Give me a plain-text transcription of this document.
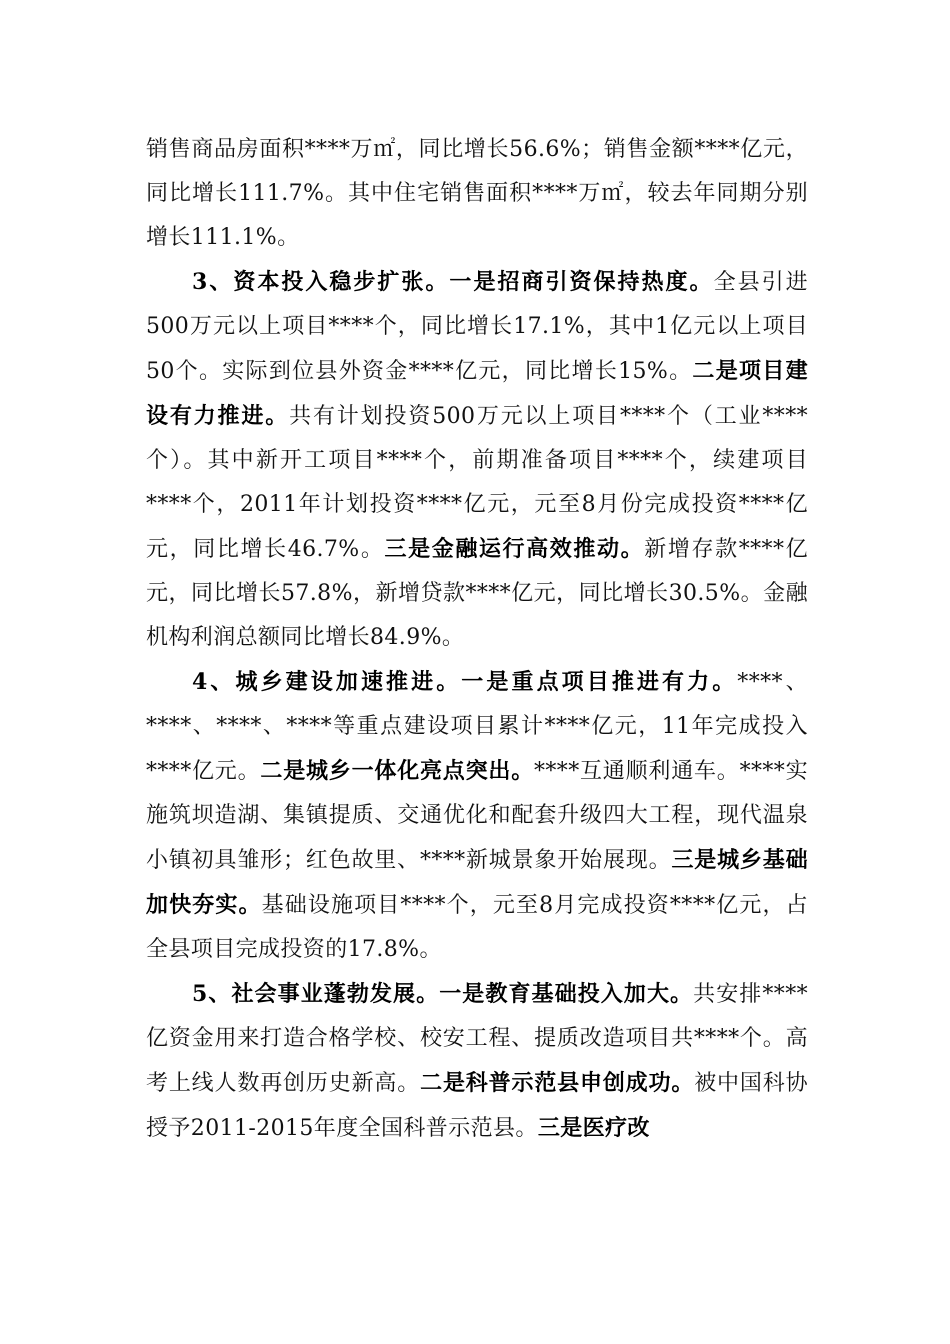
销售商品房面积****万㎡，同比增长56.6%；销售金额****亿元，同比增长111.7%。其中住宅销售面积****万㎡，较去年同期分别增长111.1%。

3、资本投入稳步扩张。一是招商引资保持热度。全县引进500万元以上项目****个，同比增长17.1%，其中1亿元以上项目50个。实际到位县外资金****亿元，同比增长15%。二是项目建设有力推进。共有计划投资500万元以上项目****个（工业****个）。其中新开工项目****个，前期准备项目****个，续建项目****个，2011年计划投资****亿元，元至8月份完成投资****亿元，同比增长46.7%。三是金融运行高效推动。新增存款****亿元，同比增长57.8%，新增贷款****亿元，同比增长30.5%。金融机构利润总额同比增长84.9%。

4、城乡建设加速推进。一是重点项目推进有力。****、****、****、****等重点建设项目累计****亿元，11年完成投入****亿元。二是城乡一体化亮点突出。****互通顺利通车。****实施筑坝造湖、集镇提质、交通优化和配套升级四大工程，现代温泉小镇初具雏形；红色故里、****新城景象开始展现。三是城乡基础加快夯实。基础设施项目****个，元至8月完成投资****亿元，占全县项目完成投资的17.8%。

5、社会事业蓬勃发展。一是教育基础投入加大。共安排****亿资金用来打造合格学校、校安工程、提质改造项目共****个。高考上线人数再创历史新高。二是科普示范县申创成功。被中国科协授予2011-2015年度全国科普示范县。三是医疗改
